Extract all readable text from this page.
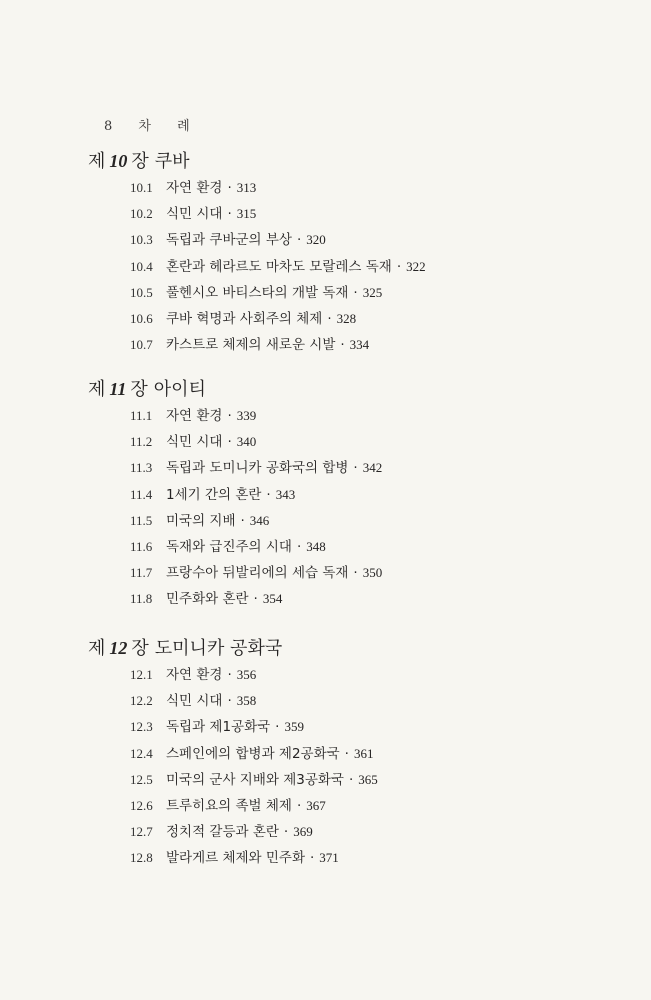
8 차 례
제 10 장 쿠바
10.1 자연 환경 · 313
10.2 식민 시대 · 315
10.3 독립과 쿠바군의 부상 · 320
10.4 혼란과 헤라르도 마차도 모랄레스 독재 · 322
10.5 풀헨시오 바티스타의 개발 독재 · 325
10.6 쿠바 혁명과 사회주의 체제 · 328
10.7 카스트로 체제의 새로운 시발 · 334
제 11 장 아이티
11.1 자연 환경 · 339
11.2 식민 시대 · 340
11.3 독립과 도미니카 공화국의 합병 · 342
11.4 1세기 간의 혼란 · 343
11.5 미국의 지배 · 346
11.6 독재와 급진주의 시대 · 348
11.7 프랑수아 뒤발리에의 세습 독재 · 350
11.8 민주화와 혼란 · 354
제 12 장 도미니카 공화국
12.1 자연 환경 · 356
12.2 식민 시대 · 358
12.3 독립과 제1공화국 · 359
12.4 스페인에의 합병과 제2공화국 · 361
12.5 미국의 군사 지배와 제3공화국 · 365
12.6 트루히요의 족벌 체제 · 367
12.7 정치적 갈등과 혼란 · 369
12.8 발라게르 체제와 민주화 · 371
